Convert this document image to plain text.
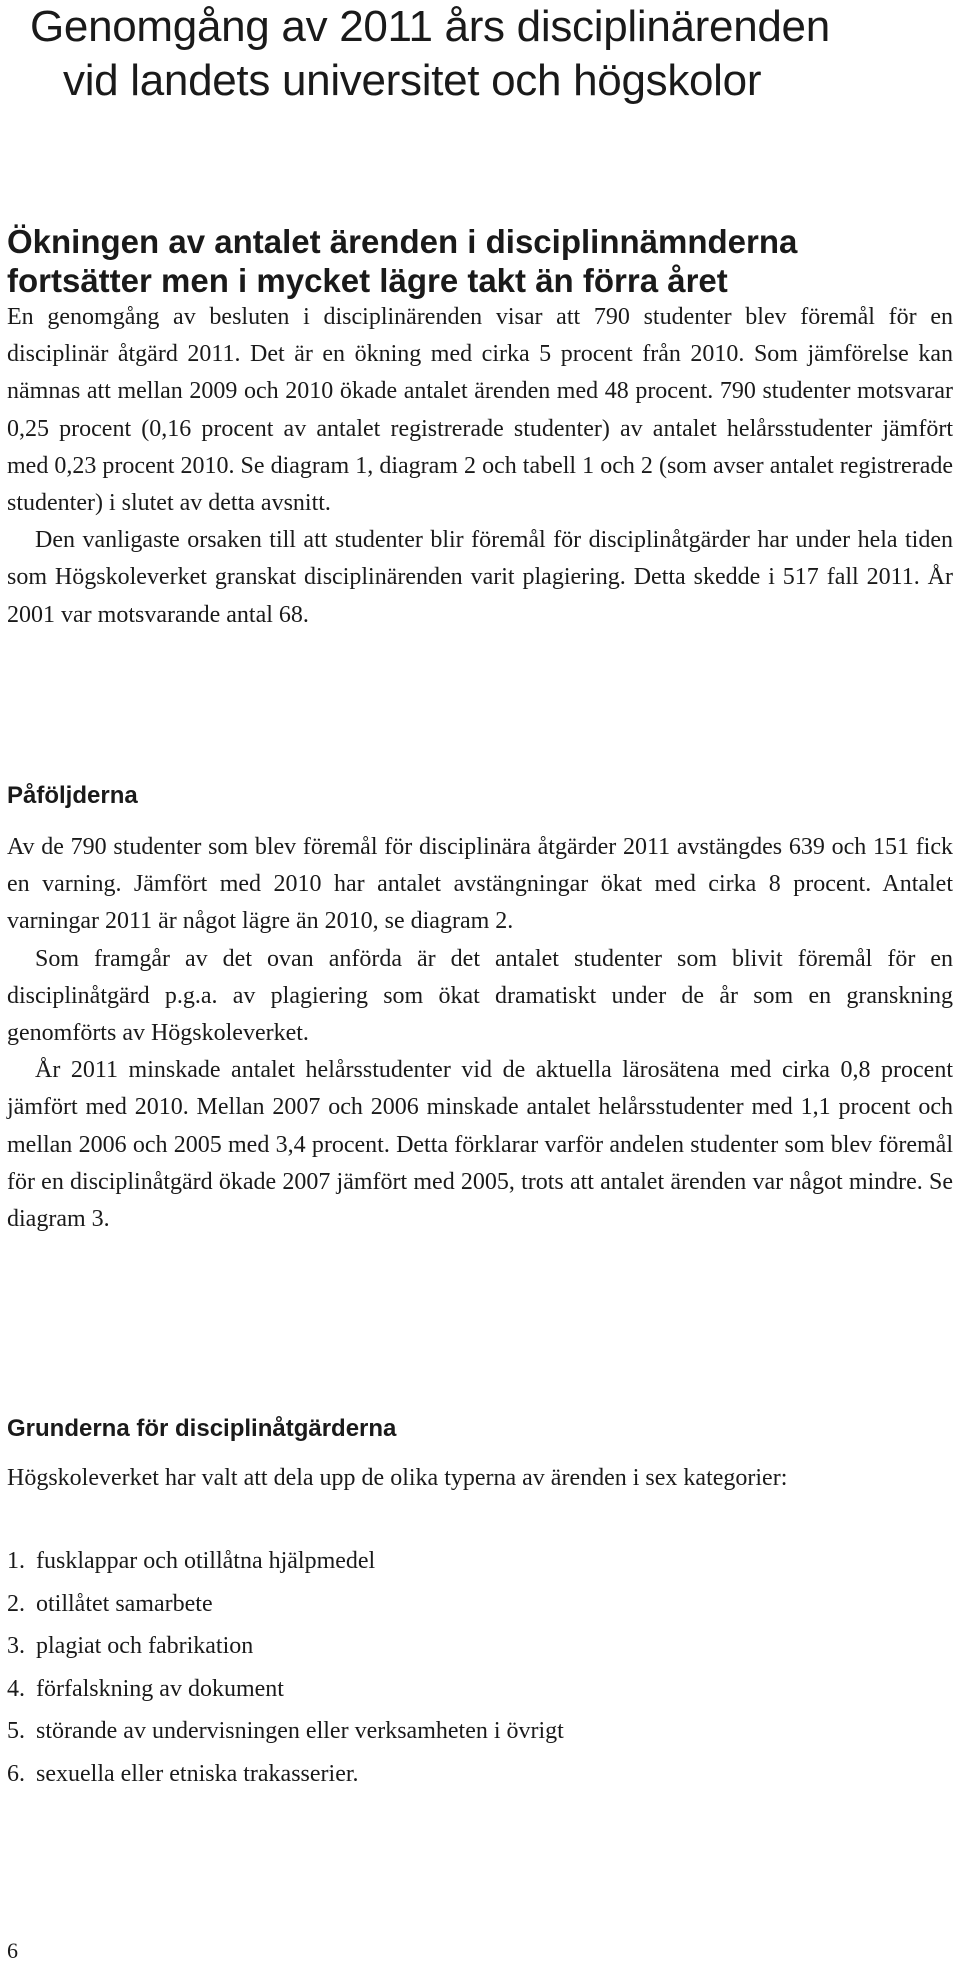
Genomgång av 2011 års disciplinärenden
vid landets universitet och högskolor
Ökningen av antalet ärenden i disciplinnämnderna
fortsätter men i mycket lägre takt än förra året

En genomgång av besluten i disciplinärenden visar att 790 studenter blev föremål för en disciplinär åtgärd 2011. Det är en ökning med cirka 5 procent från 2010. Som jämförelse kan nämnas att mellan 2009 och 2010 ökade antalet ärenden med 48 procent. 790 studenter motsvarar 0,25 procent (0,16 procent av antalet registrerade studenter) av antalet helårsstudenter jämfört med 0,23 procent 2010. Se diagram 1, diagram 2 och tabell 1 och 2 (som avser antalet registrerade studenter) i slutet av detta avsnitt.

Den vanligaste orsaken till att studenter blir föremål för disciplinåtgärder har under hela tiden som Högskoleverket granskat disciplinärenden varit plagiering. Detta skedde i 517 fall 2011. År 2001 var motsvarande antal 68.

Påföljderna

Av de 790 studenter som blev föremål för disciplinära åtgärder 2011 avstängdes 639 och 151 fick en varning. Jämfört med 2010 har antalet avstängningar ökat med cirka 8 procent. Antalet varningar 2011 är något lägre än 2010, se diagram 2.

Som framgår av det ovan anförda är det antalet studenter som blivit föremål för en disciplinåtgärd p.g.a. av plagiering som ökat dramatiskt under de år som en granskning genomförts av Högskoleverket.

År 2011 minskade antalet helårsstudenter vid de aktuella lärosätena med cirka 0,8 procent jämfört med 2010. Mellan 2007 och 2006 minskade antalet helårsstudenter med 1,1 procent och mellan 2006 och 2005 med 3,4 procent. Detta förklarar varför andelen studenter som blev föremål för en disciplinåtgärd ökade 2007 jämfört med 2005, trots att antalet ärenden var något mindre. Se diagram 3.

Grunderna för disciplinåtgärderna

Högskoleverket har valt att dela upp de olika typerna av ärenden i sex kategorier:

1. fusklappar och otillåtna hjälpmedel
2. otillåtet samarbete
3. plagiat och fabrikation
4. förfalskning av dokument
5. störande av undervisningen eller verksamheten i övrigt
6. sexuella eller etniska trakasserier.
6
